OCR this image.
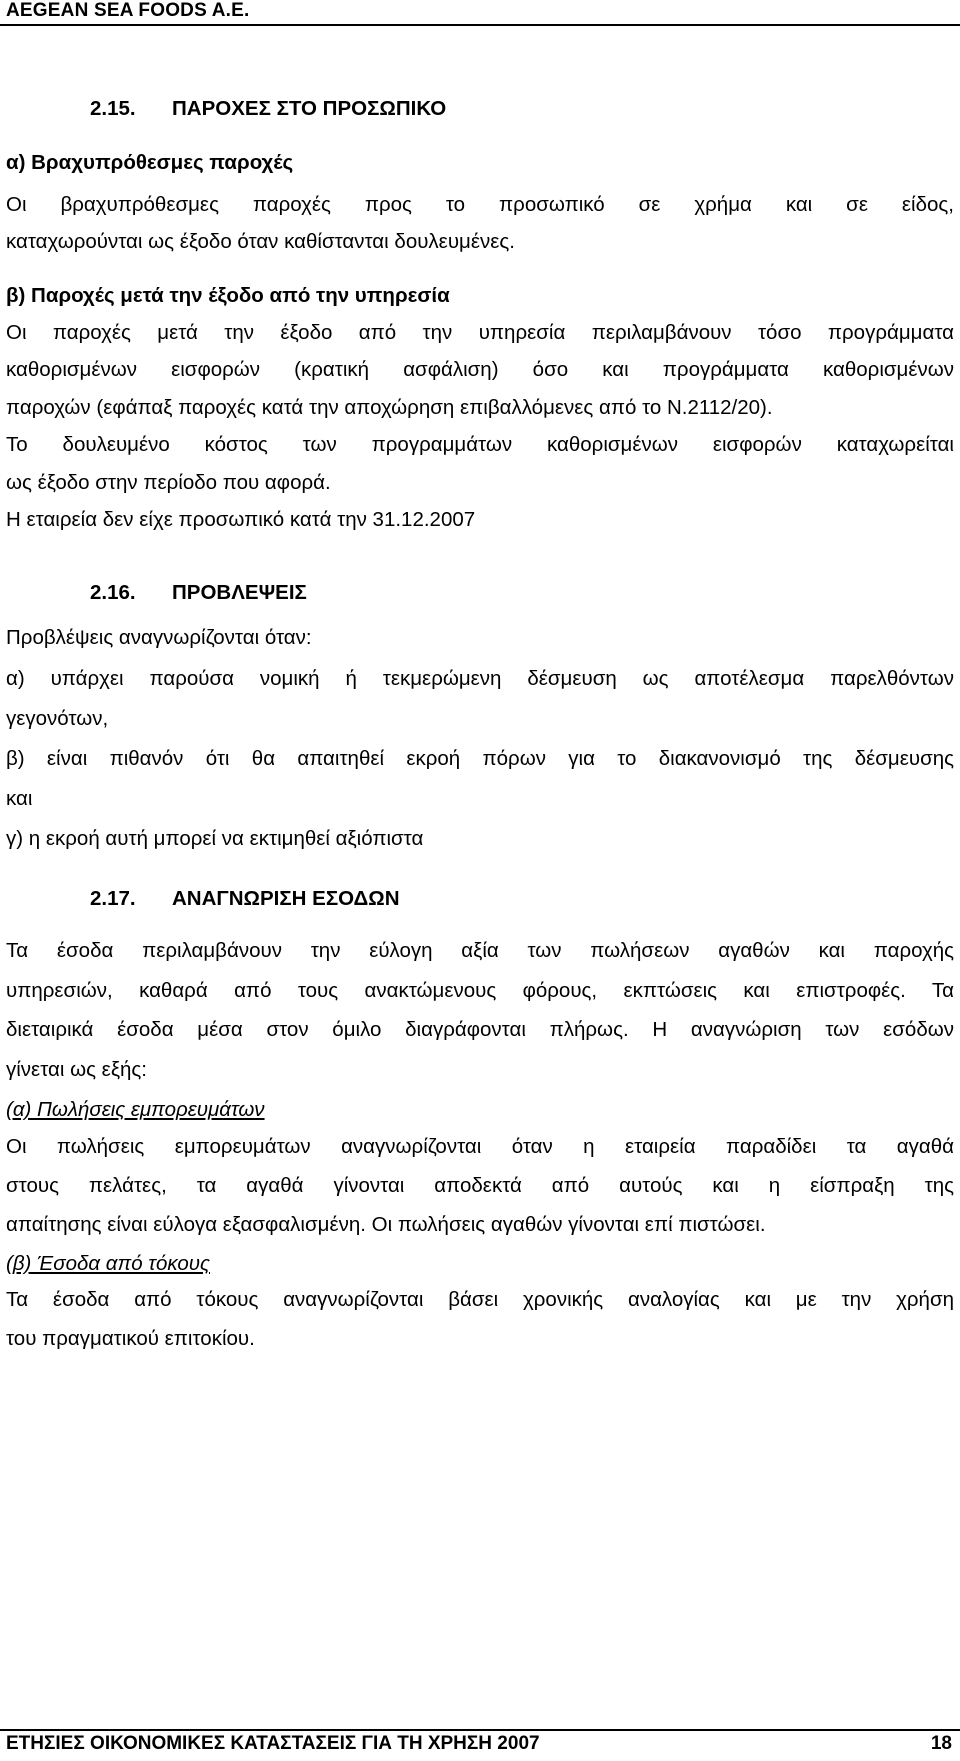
AEGEAN SEA FOODS A.E.
2.15. ΠΑΡΟΧΕΣ ΣΤΟ ΠΡΟΣΩΠΙΚΟ
α) Βραχυπρόθεσμες παροχές
Οι βραχυπρόθεσμες παροχές προς το προσωπικό σε χρήμα και σε είδος,
καταχωρούνται ως έξοδο όταν καθίστανται δουλευμένες.
β) Παροχές μετά την έξοδο από την υπηρεσία
Οι παροχές μετά την έξοδο από την υπηρεσία περιλαμβάνουν τόσο προγράμματα
καθορισμένων εισφορών (κρατική ασφάλιση) όσο και προγράμματα καθορισμένων
παροχών (εφάπαξ παροχές κατά την αποχώρηση επιβαλλόμενες από το Ν.2112/20).
Το δουλευμένο κόστος των προγραμμάτων καθορισμένων εισφορών καταχωρείται
ως έξοδο στην περίοδο που αφορά.
Η εταιρεία δεν είχε προσωπικό κατά την 31.12.2007
2.16. ΠΡΟΒΛΕΨΕΙΣ
Προβλέψεις αναγνωρίζονται όταν:
α) υπάρχει παρούσα νομική ή τεκμερώμενη δέσμευση ως αποτέλεσμα παρελθόντων
γεγονότων,
β) είναι πιθανόν ότι θα απαιτηθεί εκροή πόρων για το διακανονισμό της δέσμευσης
και
γ) η εκροή αυτή μπορεί να εκτιμηθεί αξιόπιστα
2.17. ΑΝΑΓΝΩΡΙΣΗ ΕΣΟΔΩΝ
Τα έσοδα περιλαμβάνουν την εύλογη αξία των πωλήσεων αγαθών και παροχής
υπηρεσιών, καθαρά από τους ανακτώμενους φόρους, εκπτώσεις και επιστροφές. Τα
διεταιρικά έσοδα μέσα στον όμιλο διαγράφονται πλήρως. Η αναγνώριση των εσόδων
γίνεται ως εξής:
(α) Πωλήσεις εμπορευμάτων
Οι πωλήσεις εμπορευμάτων αναγνωρίζονται όταν η εταιρεία παραδίδει τα αγαθά
στους πελάτες, τα αγαθά γίνονται αποδεκτά από αυτούς και η είσπραξη της
απαίτησης είναι εύλογα εξασφαλισμένη. Οι πωλήσεις αγαθών γίνονται επί πιστώσει.
(β) Έσοδα από τόκους
Τα έσοδα από τόκους αναγνωρίζονται βάσει χρονικής αναλογίας και με την χρήση
του πραγματικού επιτοκίου.
ΕΤΗΣΙΕΣ ΟΙΚΟΝΟΜΙΚΕΣ ΚΑΤΑΣΤΑΣΕΙΣ ΓΙΑ ΤΗ ΧΡΗΣΗ 2007	18
